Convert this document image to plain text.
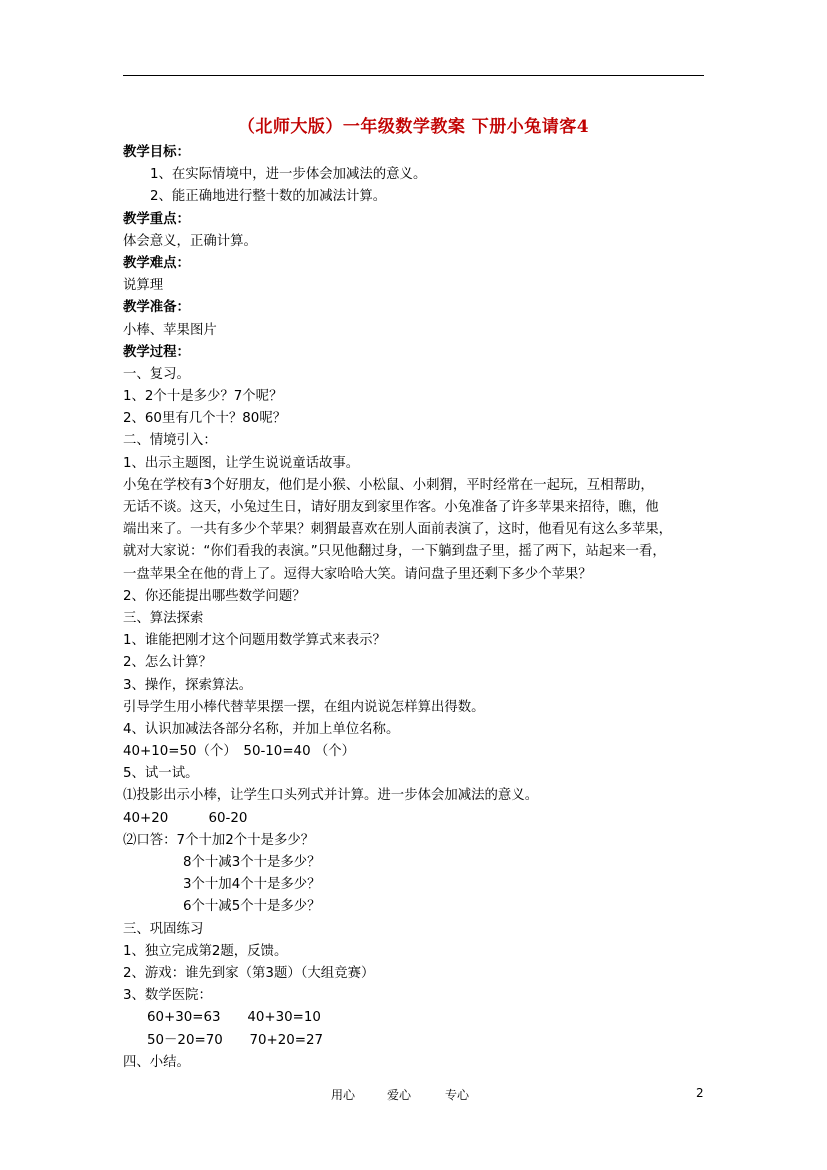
（北师大版）一年级数学教案 下册小兔请客4
教学目标：
1、在实际情境中，进一步体会加减法的意义。
2、能正确地进行整十数的加减法计算。
教学重点：
体会意义，正确计算。
教学难点：
说算理
教学准备：
小棒、苹果图片
教学过程：
一、复习。
1、2个十是多少？7个呢？
2、60里有几个十？80呢？
二、情境引入：
1、出示主题图，让学生说说童话故事。
小兔在学校有3个好朋友，他们是小猴、小松鼠、小刺猬，平时经常在一起玩，互相帮助，
无话不谈。这天，小兔过生日，请好朋友到家里作客。小兔准备了许多苹果来招待，瞧，他
端出来了。一共有多少个苹果？刺猬最喜欢在别人面前表演了，这时，他看见有这么多苹果，
就对大家说：“你们看我的表演。”只见他翻过身，一下躺到盘子里，摇了两下，站起来一看，
一盘苹果全在他的背上了。逗得大家哈哈大笑。请问盘子里还剩下多少个苹果？
2、你还能提出哪些数学问题？
三、算法探索
1、谁能把刚才这个问题用数学算式来表示？
2、怎么计算？
3、操作，探索算法。
引导学生用小棒代替苹果摆一摆，在组内说说怎样算出得数。
4、认识加减法各部分名称，并加上单位名称。
40+10=50（个）　50-10=40 （个）
5、试一试。
⑴投影出示小棒，让学生口头列式并计算。进一步体会加减法的意义。
40+20　　　60-20
⑵口答：7个十加2个十是多少？
8个十减3个十是多少？
3个十加4个十是多少？
6个十减5个十是多少？
三、巩固练习
1、独立完成第2题，反馈。
2、游戏：谁先到家（第3题）（大组竞赛）
3、数学医院：
60+30=63　　40+30=10
50－20=70　　70+20=27
四、小结。
用心	爱心	专心	2
